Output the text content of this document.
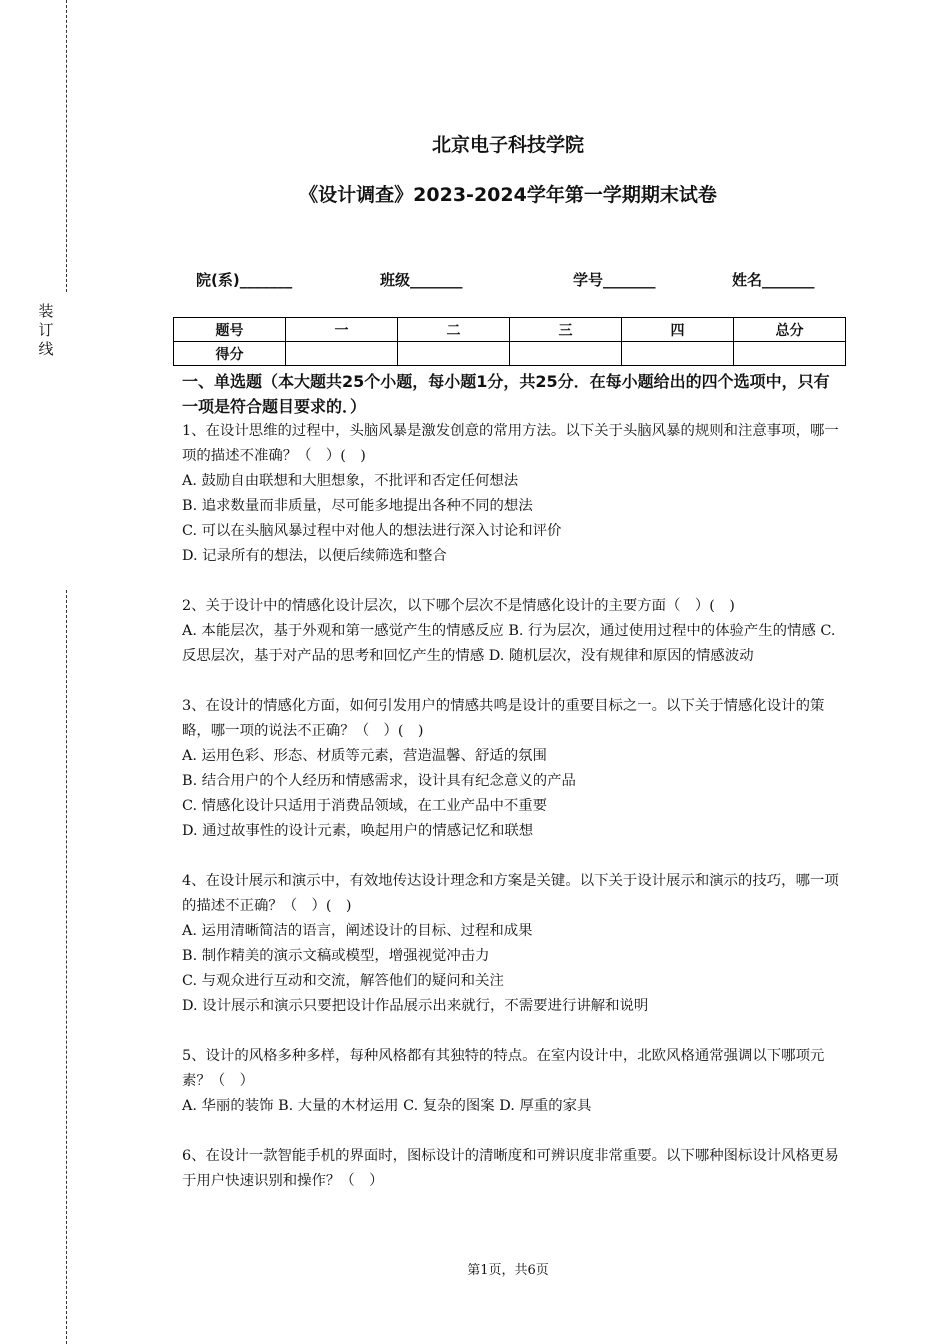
装
订
线
北京电子科技学院
《设计调查》2023-2024学年第一学期期末试卷
院(系)_______	班级_______	学号_______	姓名_______
题号	一	二	三	四	总分
得分					

一、单选题（本大题共25个小题，每小题1分，共25分．在每小题给出的四个选项中，只有一项是符合题目要求的．）

1、在设计思维的过程中，头脑风暴是激发创意的常用方法。以下关于头脑风暴的规则和注意事项，哪一项的描述不准确？（　）(　)

A. 鼓励自由联想和大胆想象，不批评和否定任何想法

B. 追求数量而非质量，尽可能多地提出各种不同的想法

C. 可以在头脑风暴过程中对他人的想法进行深入讨论和评价

D. 记录所有的想法，以便后续筛选和整合

2、关于设计中的情感化设计层次，以下哪个层次不是情感化设计的主要方面（　）(　)

A. 本能层次，基于外观和第一感觉产生的情感反应 B. 行为层次，通过使用过程中的体验产生的情感 C. 反思层次，基于对产品的思考和回忆产生的情感 D. 随机层次，没有规律和原因的情感波动

3、在设计的情感化方面，如何引发用户的情感共鸣是设计的重要目标之一。以下关于情感化设计的策略，哪一项的说法不正确？（　）(　)

A. 运用色彩、形态、材质等元素，营造温馨、舒适的氛围

B. 结合用户的个人经历和情感需求，设计具有纪念意义的产品

C. 情感化设计只适用于消费品领域，在工业产品中不重要

D. 通过故事性的设计元素，唤起用户的情感记忆和联想

4、在设计展示和演示中，有效地传达设计理念和方案是关键。以下关于设计展示和演示的技巧，哪一项的描述不正确？（　）(　)

A. 运用清晰简洁的语言，阐述设计的目标、过程和成果

B. 制作精美的演示文稿或模型，增强视觉冲击力

C. 与观众进行互动和交流，解答他们的疑问和关注

D. 设计展示和演示只要把设计作品展示出来就行，不需要进行讲解和说明

5、设计的风格多种多样，每种风格都有其独特的特点。在室内设计中，北欧风格通常强调以下哪项元素？（　）

A. 华丽的装饰 B. 大量的木材运用 C. 复杂的图案 D. 厚重的家具

6、在设计一款智能手机的界面时，图标设计的清晰度和可辨识度非常重要。以下哪种图标设计风格更易于用户快速识别和操作？（　）

第1页，共6页
